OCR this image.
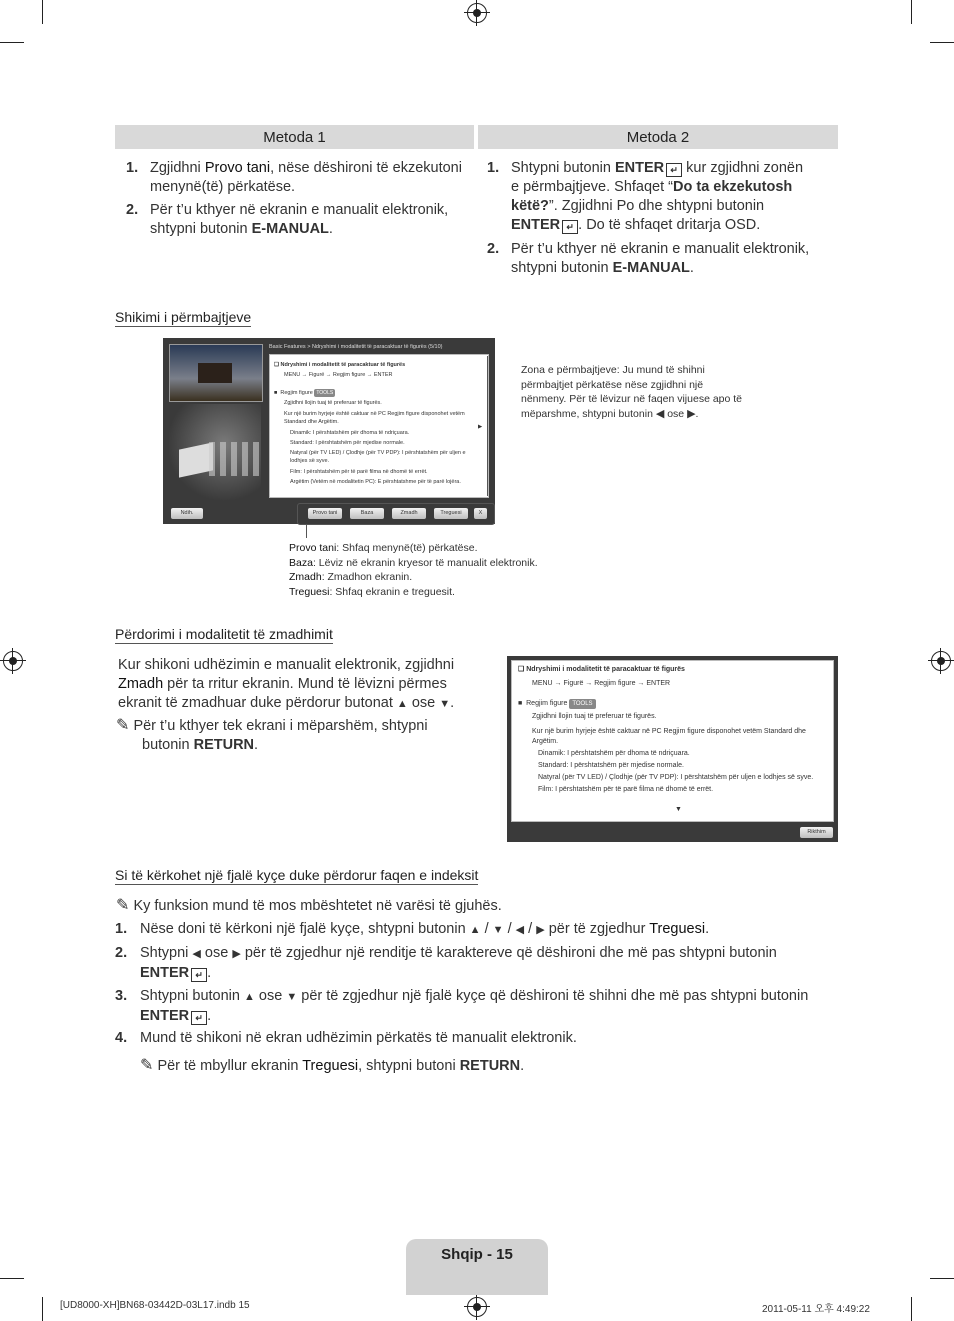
Metoda 1	Metoda 2
1. Zgjidhni Provo tani, nëse dëshironi të ekzekutoni
menynë(të) përkatëse.
2. Për t’u kthyer në ekranin e manualit elektronik,
shtypni butonin E-MANUAL.
1. Shtypni butonin ENTER ↵ kur zgjidhni zonën
e përmbajtjeve. Shfaqet “Do ta ekzekutosh
këtë?”. Zgjidhni Po dhe shtypni butonin
ENTER ↵ . Do të shfaqet dritarja OSD.
2. Për t’u kthyer në ekranin e manualit elektronik,
shtypni butonin E-MANUAL.
Shikimi i përmbajtjeve
Basic Features > Ndryshimi i modalitetit të paracaktuar të figurës (5/10)
❑ Ndryshimi i modalitetit të paracaktuar të figurës
MENU → Figurë → Regjim figure → ENTER
■  Regjim figure TOOLS
Zgjidhni llojin tuaj të preferuar të figurës.
Kur një burim hyrjeje është caktuar në PC Regjim figure disponohet vetëm Standard dhe Argëtim.
Dinamik: I përshtatshëm për dhoma të ndriçuara.
Standard: I përshtatshëm për mjedise normale.
Natyral (për TV LED) / Çlodhje (për TV PDP): I përshtatshëm për uljen e lodhjes së syve.
Film: I përshtatshëm për të parë filma në dhomë të errët.
Argëtim (Vetëm në modalitetin PC): E përshtatshme për të parë lojëra.
▶
Ndih.	Provo tani	Baza	Zmadh	Treguesi	X
Zona e përmbajtjeve: Ju mund të shihni
përmbajtjet përkatëse nëse zgjidhni një
nënmeny. Për të lëvizur në faqen vijuese apo të
mëparshme, shtypni butonin ◀ ose ▶.
Provo tani: Shfaq menynë(të) përkatëse.
Baza: Lëviz në ekranin kryesor të manualit elektronik.
Zmadh: Zmadhon ekranin.
Treguesi: Shfaq ekranin e treguesit.
Përdorimi i modalitetit të zmadhimit
Kur shikoni udhëzimin e manualit elektronik, zgjidhni
Zmadh për ta rritur ekranin. Mund të lëvizni përmes
ekranit të zmadhuar duke përdorur butonat ▲ ose ▼.
✎ Për t’u kthyer tek ekrani i mëparshëm, shtypni
butonin RETURN.
❑ Ndryshimi i modalitetit të paracaktuar të figurës
MENU → Figurë → Regjim figure → ENTER
■  Regjim figure TOOLS
Zgjidhni llojin tuaj të preferuar të figurës.
Kur një burim hyrjeje është caktuar në PC Regjim figure disponohet vetëm Standard dhe Argëtim.
Dinamik: I përshtatshëm për dhoma të ndriçuara.
Standard: I përshtatshëm për mjedise normale.
Natyral (për TV LED) / Çlodhje (për TV PDP): I përshtatshëm për uljen e lodhjes së syve.
Film: I përshtatshëm për të parë filma në dhomë të errët.
▼
Rikthim
Si të kërkohet një fjalë kyçe duke përdorur faqen e indeksit
✎ Ky funksion mund të mos mbështetet në varësi të gjuhës.
1. Nëse doni të kërkoni një fjalë kyçe, shtypni butonin ▲ / ▼ / ◀ / ▶ për të zgjedhur Treguesi.
2. Shtypni ◀ ose ▶ për të zgjedhur një renditje të karaktereve që dëshironi dhe më pas shtypni butonin
ENTER ↵ .
3. Shtypni butonin ▲ ose ▼ për të zgjedhur një fjalë kyçe që dëshironi të shihni dhe më pas shtypni butonin
ENTER ↵ .
4. Mund të shikoni në ekran udhëzimin përkatës të manualit elektronik.
✎ Për të mbyllur ekranin Treguesi, shtypni butoni RETURN.
Shqip - 15
[UD8000-XH]BN68-03442D-03L17.indb 15	2011-05-11 오후 4:49:22
